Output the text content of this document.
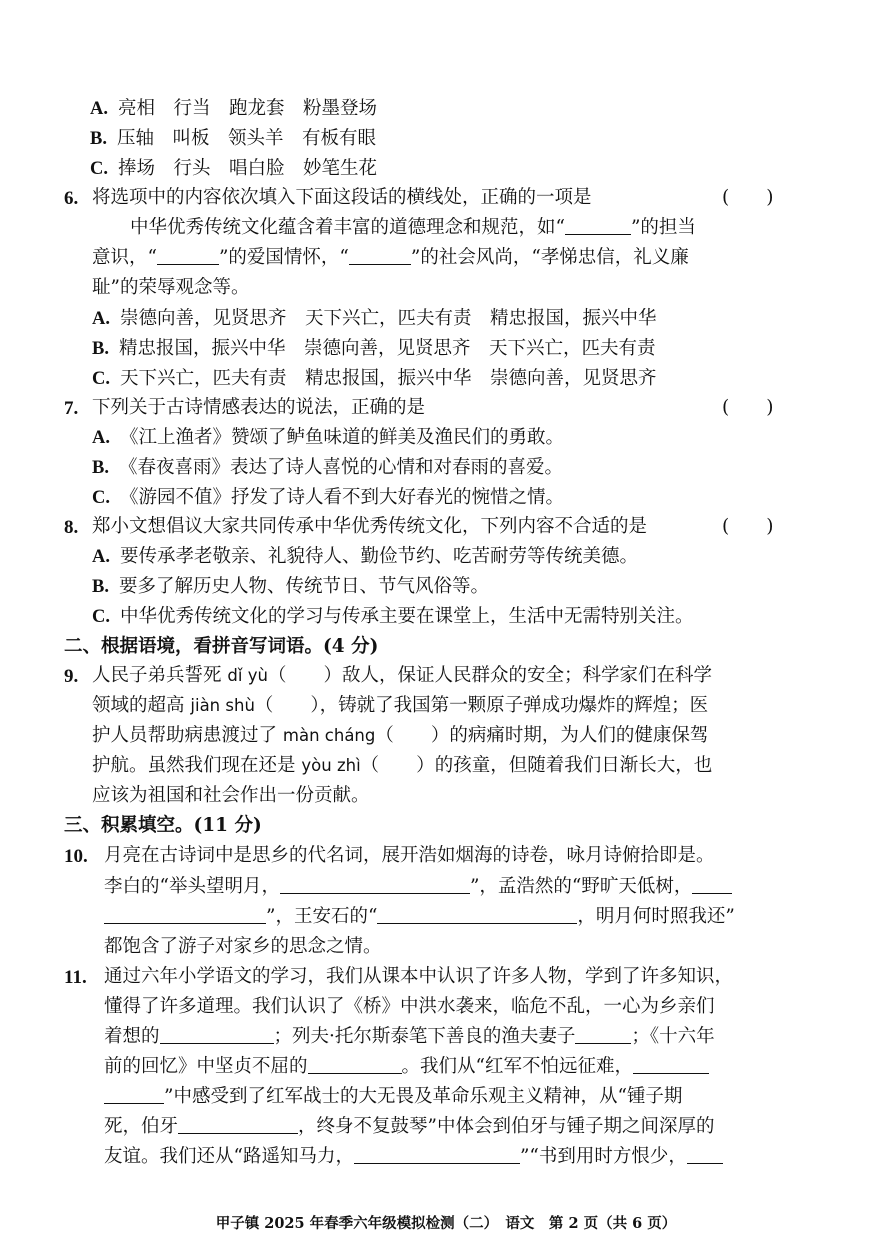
A. 亮相　行当　跑龙套　粉墨登场
B. 压轴　叫板　领头羊　有板有眼
C. 捧场　行头　唱白脸　妙笔生花
6. 将选项中的内容依次填入下面这段话的横线处，正确的一项是	(　　)
中华优秀传统文化蕴含着丰富的道德理念和规范，如“	”的担当
意识，“	”的爱国情怀，“	”的社会风尚，“孝悌忠信，礼义廉
耻”的荣辱观念等。
A. 崇德向善，见贤思齐　天下兴亡，匹夫有责　精忠报国，振兴中华
B. 精忠报国，振兴中华　崇德向善，见贤思齐　天下兴亡，匹夫有责
C. 天下兴亡，匹夫有责　精忠报国，振兴中华　崇德向善，见贤思齐
7. 下列关于古诗情感表达的说法，正确的是	(　　)
A. 《江上渔者》赞颂了鲈鱼味道的鲜美及渔民们的勇敢。
B. 《春夜喜雨》表达了诗人喜悦的心情和对春雨的喜爱。
C. 《游园不值》抒发了诗人看不到大好春光的惋惜之情。
8. 郑小文想倡议大家共同传承中华优秀传统文化，下列内容不合适的是	(　　)
A. 要传承孝老敬亲、礼貌待人、勤俭节约、吃苦耐劳等传统美德。
B. 要多了解历史人物、传统节日、节气风俗等。
C. 中华优秀传统文化的学习与传承主要在课堂上，生活中无需特别关注。
二、根据语境，看拼音写词语。(4 分)
9. 人民子弟兵誓死 dǐ yù（　　）敌人，保证人民群众的安全；科学家们在科学
领域的超高 jiàn shù（　　），铸就了我国第一颗原子弹成功爆炸的辉煌；医
护人员帮助病患渡过了 màn cháng（　　）的病痛时期，为人们的健康保驾
护航。虽然我们现在还是 yòu zhì（　　）的孩童，但随着我们日渐长大，也
应该为祖国和社会作出一份贡献。
三、积累填空。(11 分)
10. 月亮在古诗词中是思乡的代名词，展开浩如烟海的诗卷，咏月诗俯拾即是。
李白的“举头望明月，	”，孟浩然的“野旷天低树，
”，王安石的“	，明月何时照我还”
都饱含了游子对家乡的思念之情。
11. 通过六年小学语文的学习，我们从课本中认识了许多人物，学到了许多知识，
懂得了许多道理。我们认识了《桥》中洪水袭来，临危不乱，一心为乡亲们
着想的	；列夫·托尔斯泰笔下善良的渔夫妻子	；《十六年
前的回忆》中坚贞不屈的	。我们从“红军不怕远征难，
”中感受到了红军战士的大无畏及革命乐观主义精神，从“锺子期
死，伯牙	，终身不复鼓琴”中体会到伯牙与锺子期之间深厚的
友谊。我们还从“路遥知马力，	”“书到用时方恨少，
甲子镇 2025 年春季六年级模拟检测（二）　语文　第 2 页（共 6 页）
